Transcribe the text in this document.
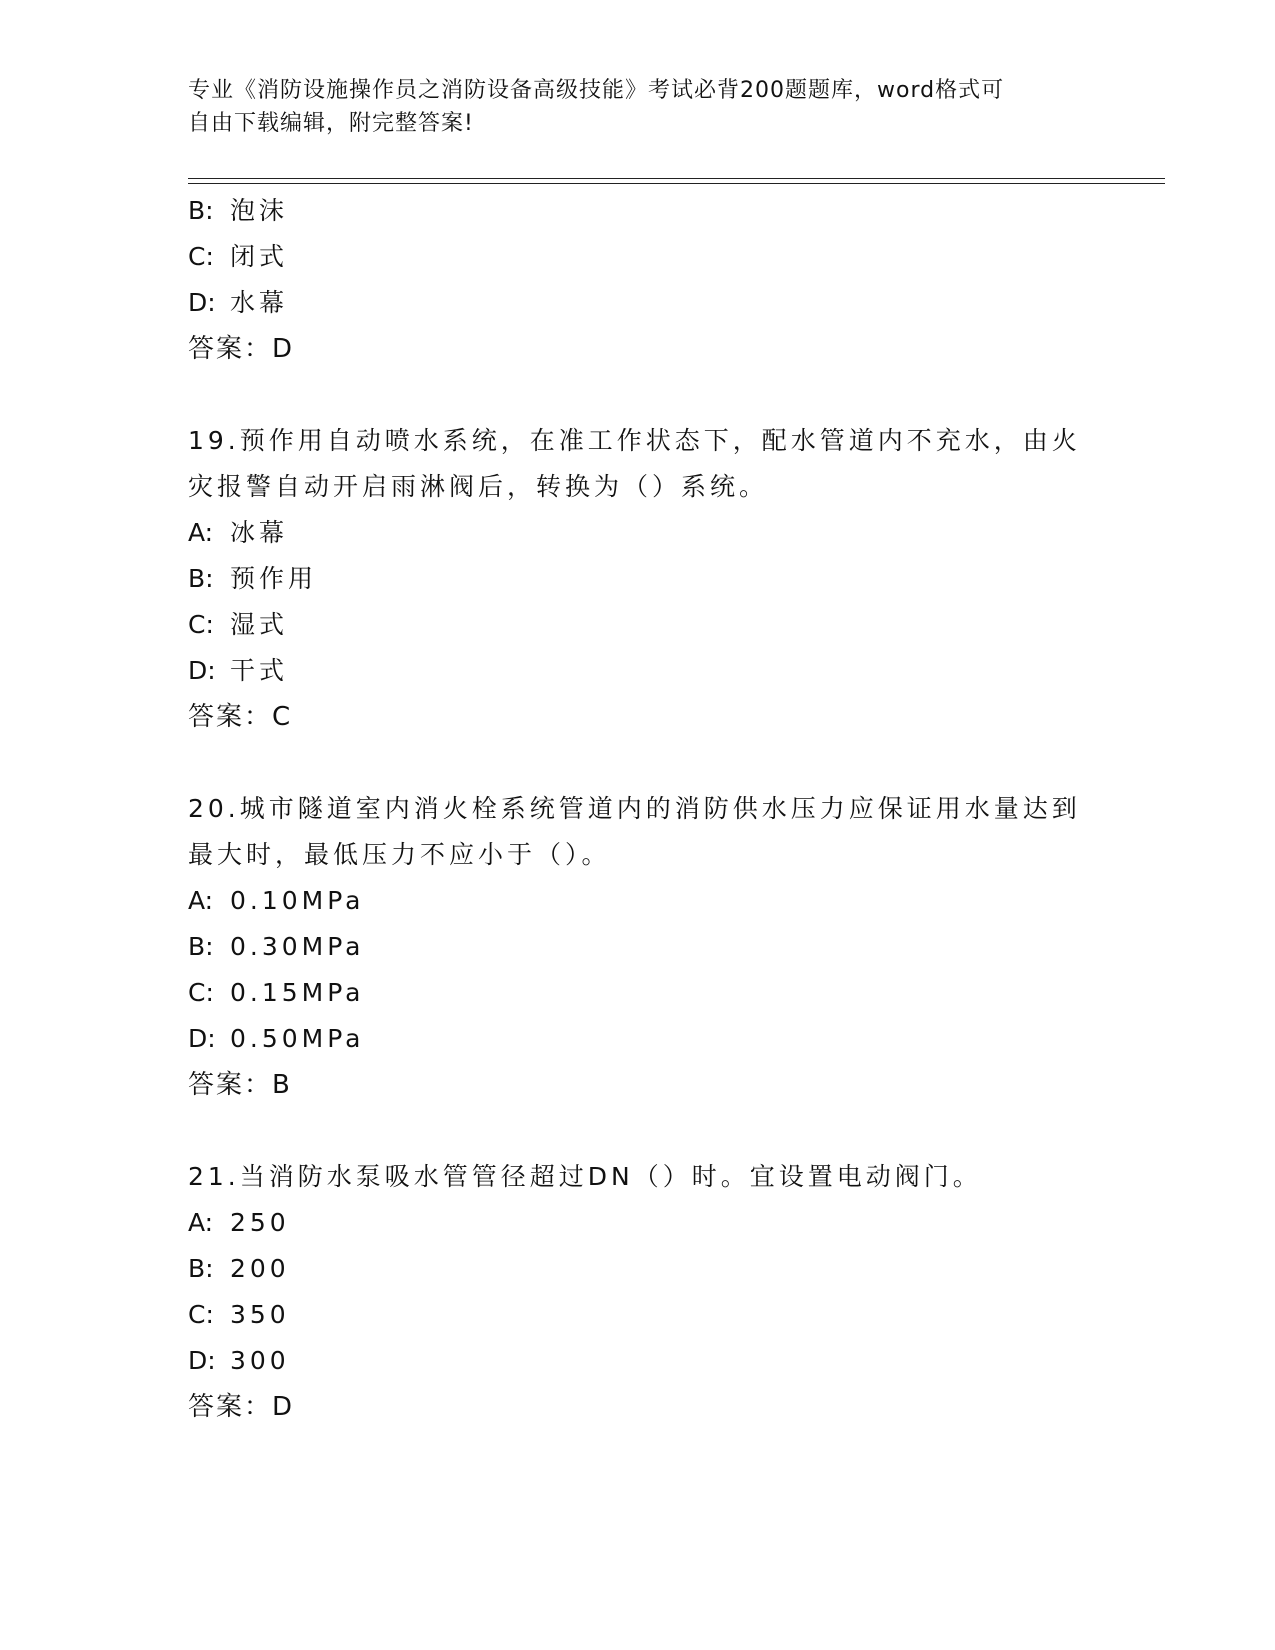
专业《消防设施操作员之消防设备高级技能》考试必背200题题库，word格式可
自由下载编辑，附完整答案!
B: 泡沫
C: 闭式
D: 水幕
答案：D
19.预作用自动喷水系统，在准工作状态下，配水管道内不充水，由火
灾报警自动开启雨淋阀后，转换为（）系统。
A: 冰幕
B: 预作用
C: 湿式
D: 干式
答案：C
20.城市隧道室内消火栓系统管道内的消防供水压力应保证用水量达到
最大时，最低压力不应小于（）。
A: 0.10MPa
B: 0.30MPa
C: 0.15MPa
D: 0.50MPa
答案：B
21.当消防水泵吸水管管径超过DN（）时。宜设置电动阀门。
A: 250
B: 200
C: 350
D: 300
答案：D
